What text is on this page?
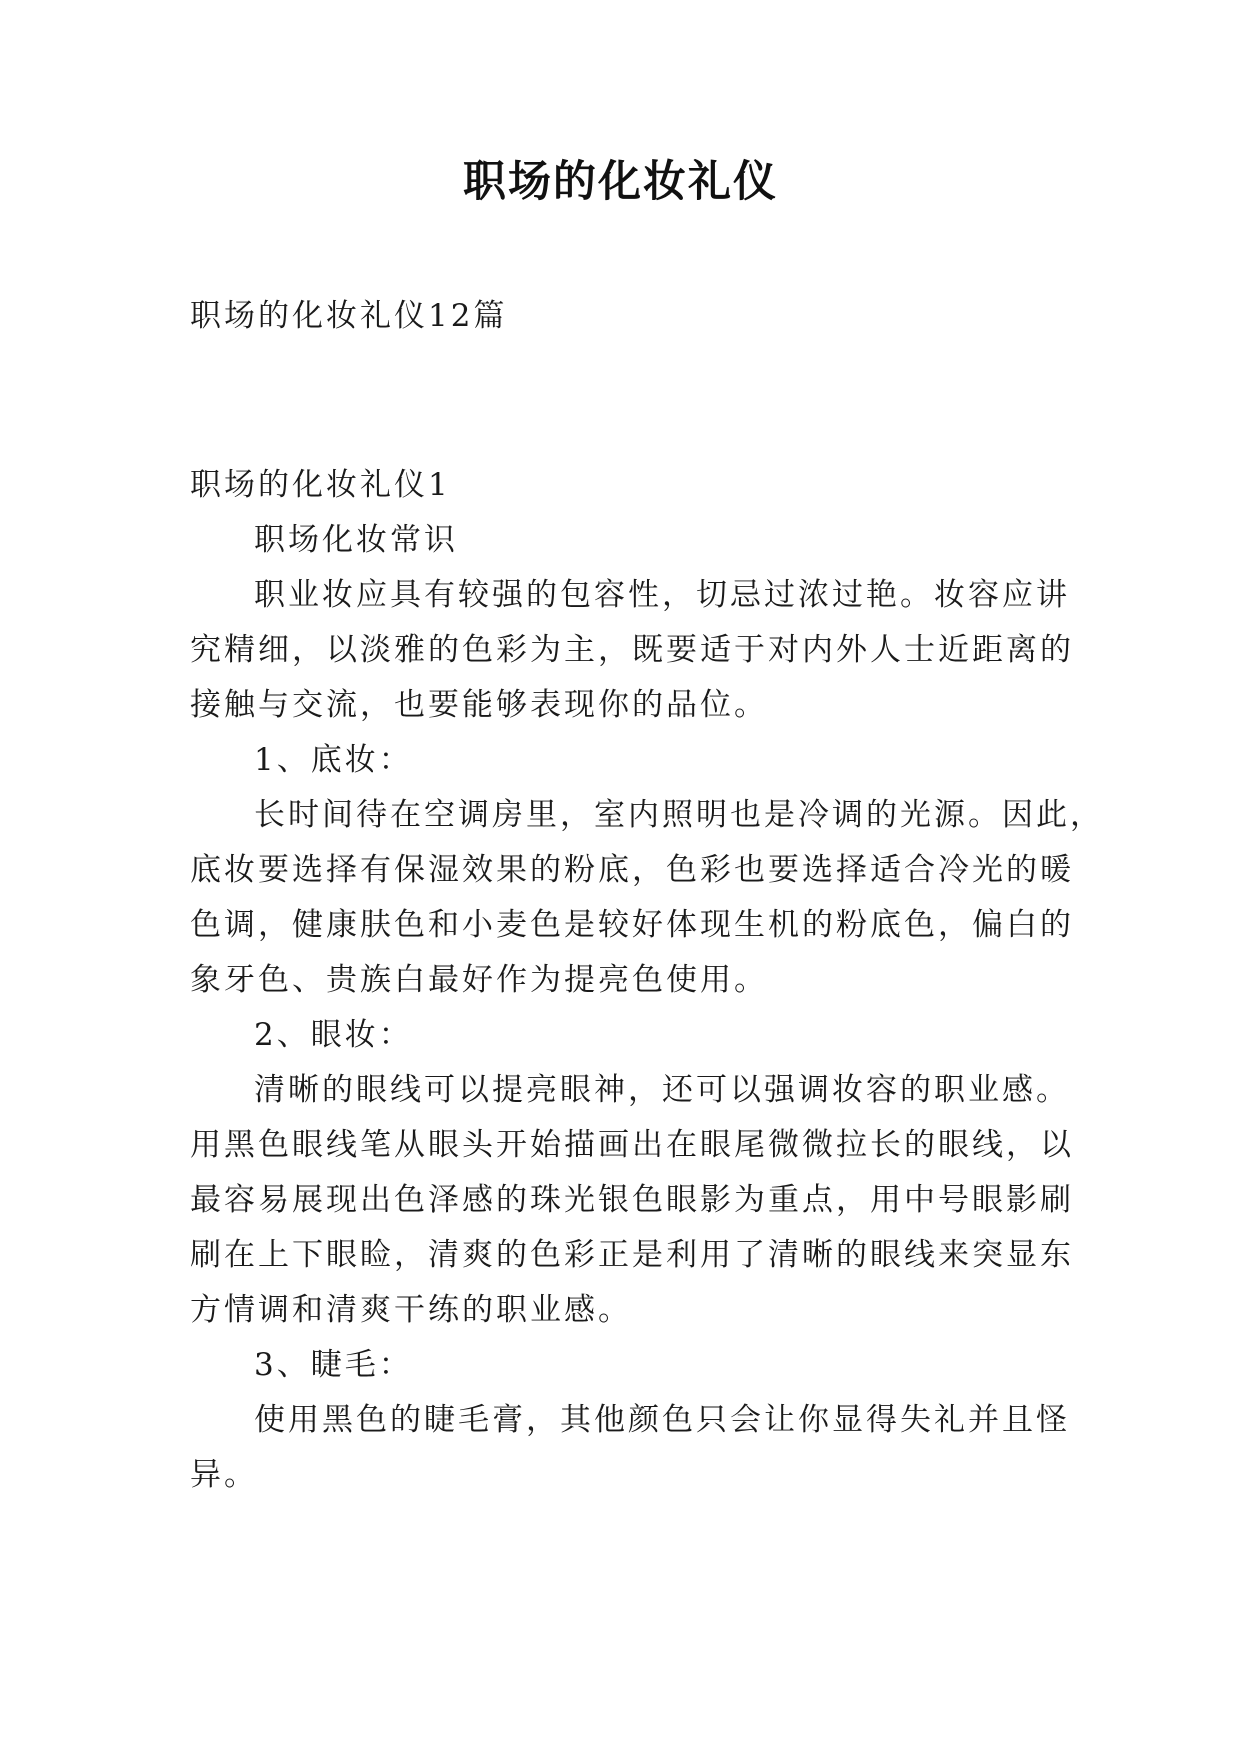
职场的化妆礼仪
职场的化妆礼仪12篇
职场的化妆礼仪1
职场化妆常识
职业妆应具有较强的包容性，切忌过浓过艳。妆容应讲
究精细，以淡雅的色彩为主，既要适于对内外人士近距离的
接触与交流，也要能够表现你的品位。
1、底妆：
长时间待在空调房里，室内照明也是冷调的光源。因此，
底妆要选择有保湿效果的粉底，色彩也要选择适合冷光的暖
色调，健康肤色和小麦色是较好体现生机的粉底色，偏白的
象牙色、贵族白最好作为提亮色使用。
2、眼妆：
清晰的眼线可以提亮眼神，还可以强调妆容的职业感。
用黑色眼线笔从眼头开始描画出在眼尾微微拉长的眼线，以
最容易展现出色泽感的珠光银色眼影为重点，用中号眼影刷
刷在上下眼睑，清爽的色彩正是利用了清晰的眼线来突显东
方情调和清爽干练的职业感。
3、睫毛：
使用黑色的睫毛膏，其他颜色只会让你显得失礼并且怪
异。
